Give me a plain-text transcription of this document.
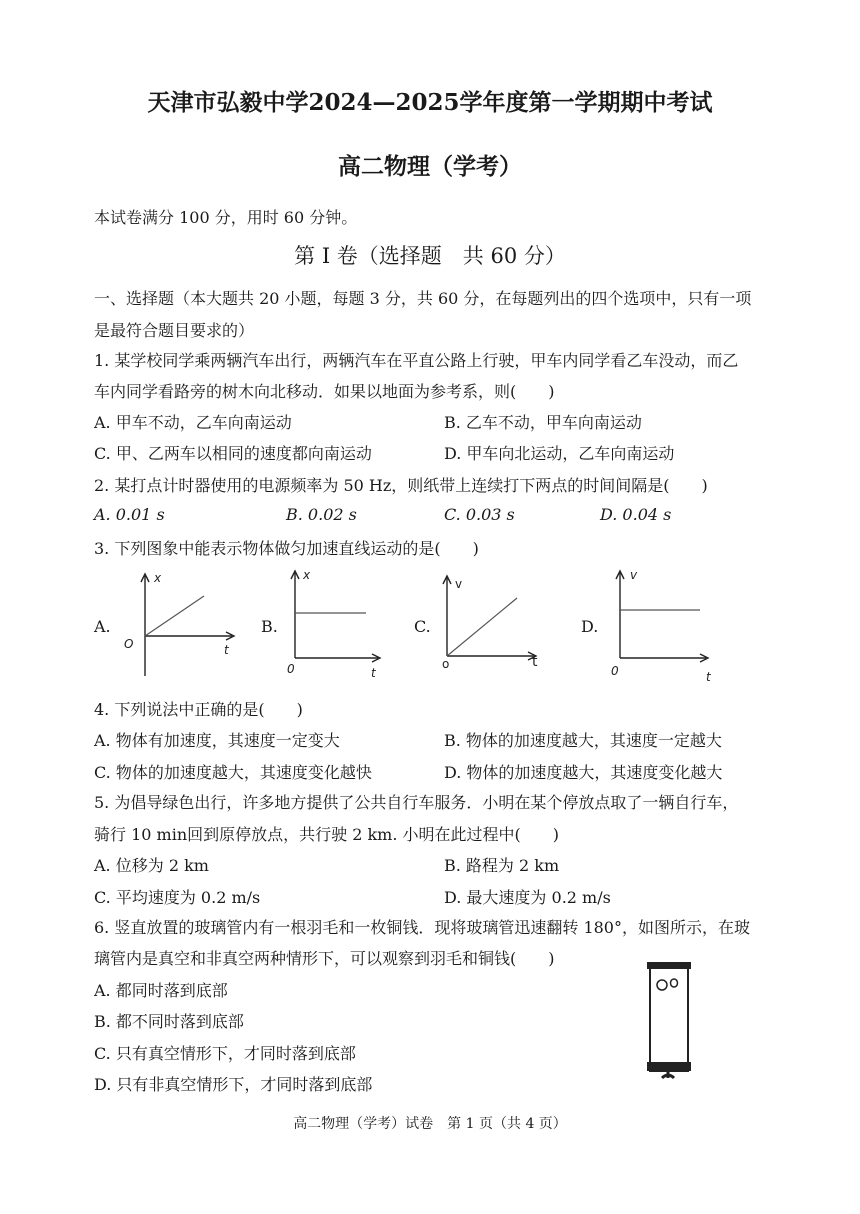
天津市弘毅中学2024—2025学年度第一学期期中考试
高二物理（学考）
本试卷满分 100 分，用时 60 分钟。
第 I 卷（选择题　共 60 分）
一、选择题（本大题共 20 小题，每题 3 分，共 60 分，在每题列出的四个选项中，只有一项
是最符合题目要求的）
1. 某学校同学乘两辆汽车出行，两辆汽车在平直公路上行驶，甲车内同学看乙车没动，而乙
车内同学看路旁的树木向北移动．如果以地面为参考系，则(　　)
A. 甲车不动，乙车向南运动	B. 乙车不动，甲车向南运动
C. 甲、乙两车以相同的速度都向南运动	D. 甲车向北运动，乙车向南运动
2. 某打点计时器使用的电源频率为 50 Hz，则纸带上连续打下两点的时间间隔是(　　)
A. 0.01 s	B. 0.02 s	C. 0.03 s	D. 0.04 s
3. 下列图象中能表示物体做匀加速直线运动的是(　　)
A.	B.	C.	D.
x
t
O
x
t
0
v
t
o
v
t
0
4. 下列说法中正确的是(　　)
A. 物体有加速度，其速度一定变大	B. 物体的加速度越大，其速度一定越大
C. 物体的加速度越大，其速度变化越快	D. 物体的加速度越大，其速度变化越大
5. 为倡导绿色出行，许多地方提供了公共自行车服务．小明在某个停放点取了一辆自行车，
骑行 10 min回到原停放点，共行驶 2 km. 小明在此过程中(　　)
A. 位移为 2 km	B. 路程为 2 km
C. 平均速度为 0.2 m/s	D. 最大速度为 0.2 m/s
6. 竖直放置的玻璃管内有一根羽毛和一枚铜钱．现将玻璃管迅速翻转 180°，如图所示，在玻
璃管内是真空和非真空两种情形下，可以观察到羽毛和铜钱(　　)
A. 都同时落到底部
B. 都不同时落到底部
C. 只有真空情形下，才同时落到底部
D. 只有非真空情形下，才同时落到底部
高二物理（学考）试卷　第 1 页（共 4 页）
